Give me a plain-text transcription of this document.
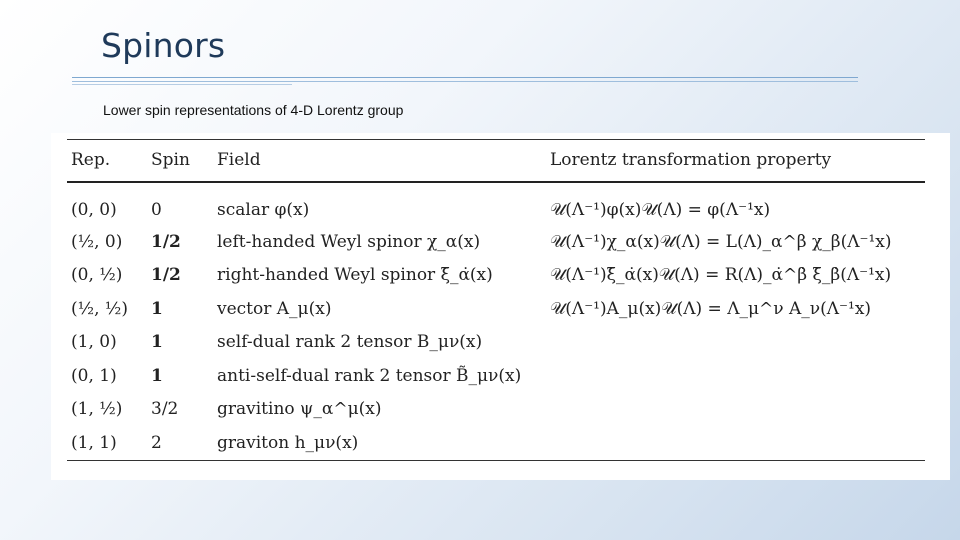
Spinors
Lower spin representations of 4-D Lorentz group
Rep.	Spin	Field	Lorentz transformation property
(0, 0)	0	scalar φ(x)	𝒰(Λ⁻¹)φ(x)𝒰(Λ) = φ(Λ⁻¹x)
(½, 0)	1/2	left-handed Weyl spinor χ_α(x)	𝒰(Λ⁻¹)χ_α(x)𝒰(Λ) = L(Λ)_α^β χ_β(Λ⁻¹x)
(0, ½)	1/2	right-handed Weyl spinor ξ̄_α̇(x)	𝒰(Λ⁻¹)ξ̄_α̇(x)𝒰(Λ) = R(Λ)_α̇^β̇ ξ̄_β̇(Λ⁻¹x)
(½, ½)	1	vector A_μ(x)	𝒰(Λ⁻¹)A_μ(x)𝒰(Λ) = Λ_μ^ν A_ν(Λ⁻¹x)
(1, 0)	1	self-dual rank 2 tensor B_μν(x)	
(0, 1)	1	anti-self-dual rank 2 tensor B̃_μν(x)	
(1, ½)	3/2	gravitino ψ_α^μ(x)	
(1, 1)	2	graviton h_μν(x)	
